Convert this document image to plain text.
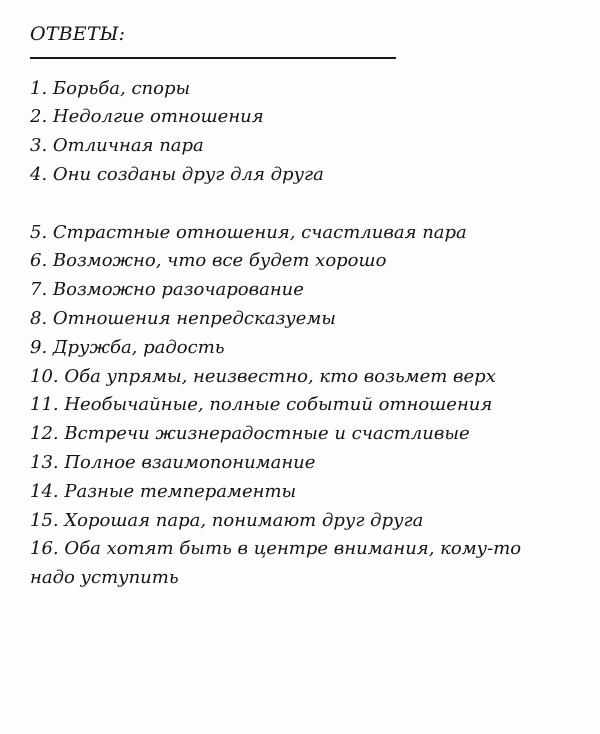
ОТВЕТЫ:
1. Борьба, споры
2. Недолгие отношения
3. Отличная пара
4. Они созданы друг для друга
5. Страстные отношения, счастливая пара
6. Возможно, что все будет хорошо
7. Возможно разочарование
8. Отношения непредсказуемы
9. Дружба, радость
10. Оба упрямы, неизвестно, кто возьмет верх
11. Необычайные, полные событий отношения
12. Встречи жизнерадостные и счастливые
13. Полное взаимопонимание
14. Разные темпераменты
15. Хорошая пара, понимают друг друга
16. Оба хотят быть в центре внимания, кому-то надо уступить
